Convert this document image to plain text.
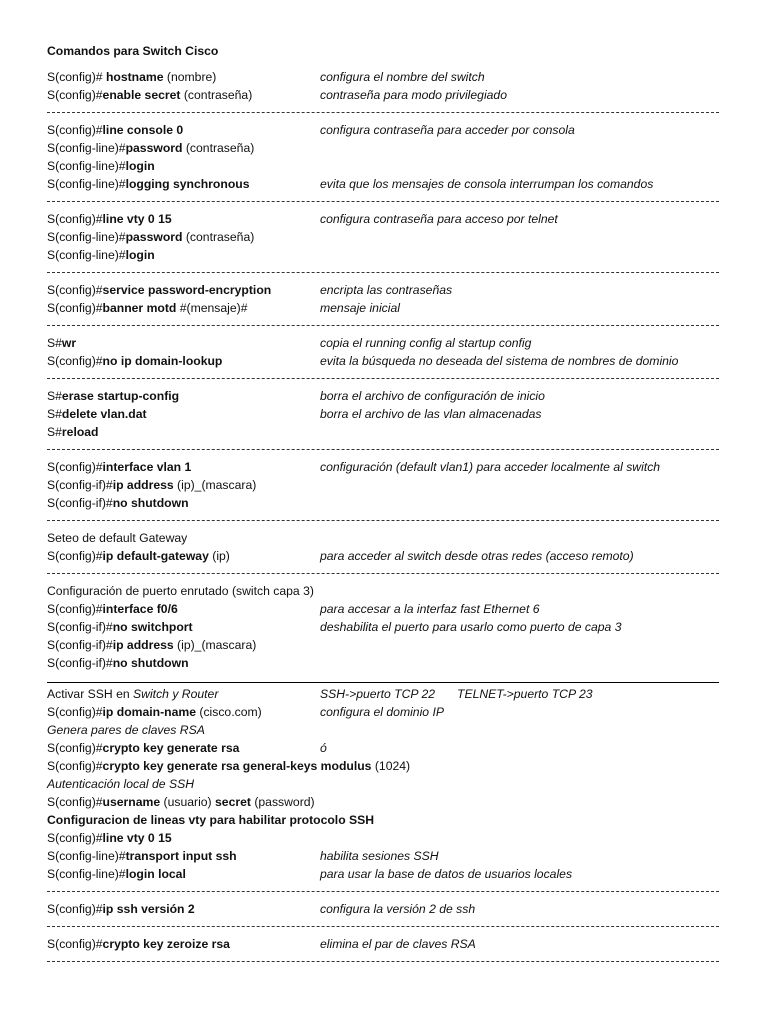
Comandos para Switch Cisco
S(config)# hostname (nombre)	configura el nombre del switch
S(config)#enable secret (contraseña)	contraseña para modo privilegiado
S(config)#line console 0	configura contraseña para acceder por consola
S(config-line)#password (contraseña)
S(config-line)#login
S(config-line)#logging synchronous	evita que los mensajes de consola interrumpan los comandos
S(config)#line vty 0 15	configura contraseña para acceso por telnet
S(config-line)#password (contraseña)
S(config-line)#login
S(config)#service password-encryption	encripta las contraseñas
S(config)#banner motd #(mensaje)#	mensaje inicial
S#wr	copia el running config al startup config
S(config)#no ip domain-lookup	evita la búsqueda no deseada del sistema de nombres de dominio
S#erase startup-config	borra el archivo de configuración de inicio
S#delete vlan.dat	borra el archivo de las vlan almacenadas
S#reload
S(config)#interface vlan 1	configuración (default vlan1) para acceder localmente al switch
S(config-if)#ip address (ip)_(mascara)
S(config-if)#no shutdown
Seteo de default Gateway
S(config)#ip default-gateway (ip)	para acceder al switch desde otras redes (acceso remoto)
Configuración de puerto enrutado (switch capa 3)
S(config)#interface f0/6	para accesar a la interfaz fast Ethernet 6
S(config-if)#no switchport	deshabilita el puerto para usarlo como puerto de capa 3
S(config-if)#ip address (ip)_(mascara)
S(config-if)#no shutdown
Activar SSH en Switch y Router	SSH->puerto TCP 22 TELNET->puerto TCP 23
S(config)#ip domain-name (cisco.com)	configura el dominio IP
Genera pares de claves RSA
S(config)#crypto key generate rsa	ó
S(config)#crypto key generate rsa general-keys modulus (1024)
Autenticación local de SSH
S(config)#username (usuario) secret (password)
Configuracion de lineas vty para habilitar protocolo SSH
S(config)#line vty 0 15
S(config-line)#transport input ssh	habilita sesiones SSH
S(config-line)#login local	para usar la base de datos de usuarios locales
S(config)#ip ssh versión 2	configura la versión 2 de ssh
S(config)#crypto key zeroize rsa	elimina el par de claves RSA
